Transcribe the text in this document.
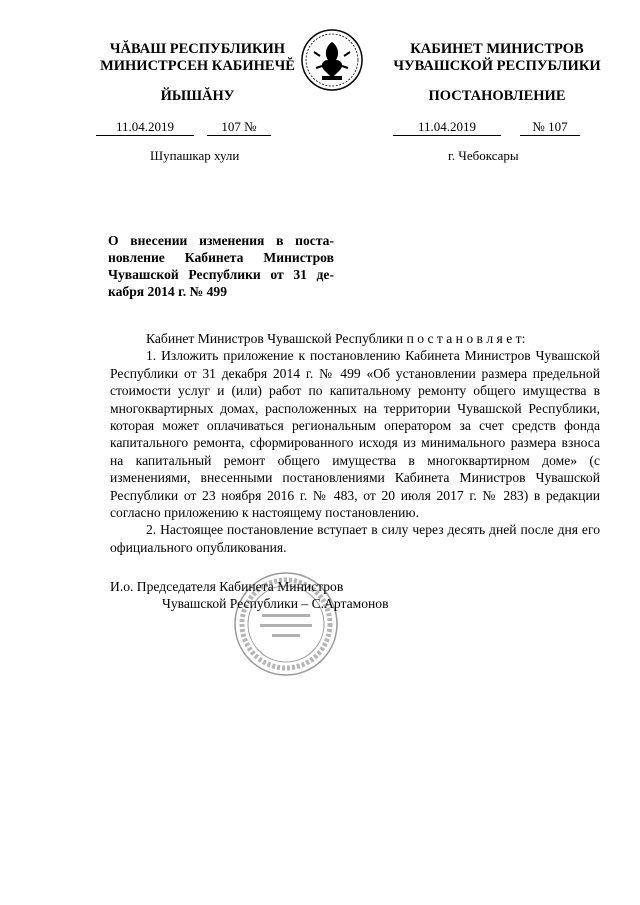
ЧĂВАШ РЕСПУБЛИКИН
МИНИСТРСЕН КАБИНЕЧĔ
ЙЫШĂНУ
КАБИНЕТ МИНИСТРОВ
ЧУВАШСКОЙ РЕСПУБЛИКИ
ПОСТАНОВЛЕНИЕ
11.04.2019	107 №	11.04.2019	№ 107
Шупашкар хули	г. Чебоксары
О внесении изменения в поста-
новление Кабинета Министров
Чувашской Республики от 31 де-
кабря 2014 г. № 499

Кабинет Министров Чувашской Республики п о с т а н о в л я е т:

1. Изложить приложение к постановлению Кабинета Министров Чувашской Республики от 31 декабря 2014 г. № 499 «Об установлении размера предельной стоимости услуг и (или) работ по капитальному ремонту общего имущества в многоквартирных домах, расположенных на территории Чувашской Республики, которая может оплачиваться региональным оператором за счет средств фонда капитального ремонта, сформированного исходя из минимального размера взноса на капитальный ремонт общего имущества в многоквартирном доме» (с изменениями, внесенными постановлениями Кабинета Министров Чувашской Республики от 23 ноября 2016 г. № 483, от 20 июля 2017 г. № 283) в редакции согласно приложению к настоящему постановлению.

2. Настоящее постановление вступает в силу через десять дней после дня его официального опубликования.

И.о. Председателя Кабинета Министров
Чувашской Республики – С.Артамонов
